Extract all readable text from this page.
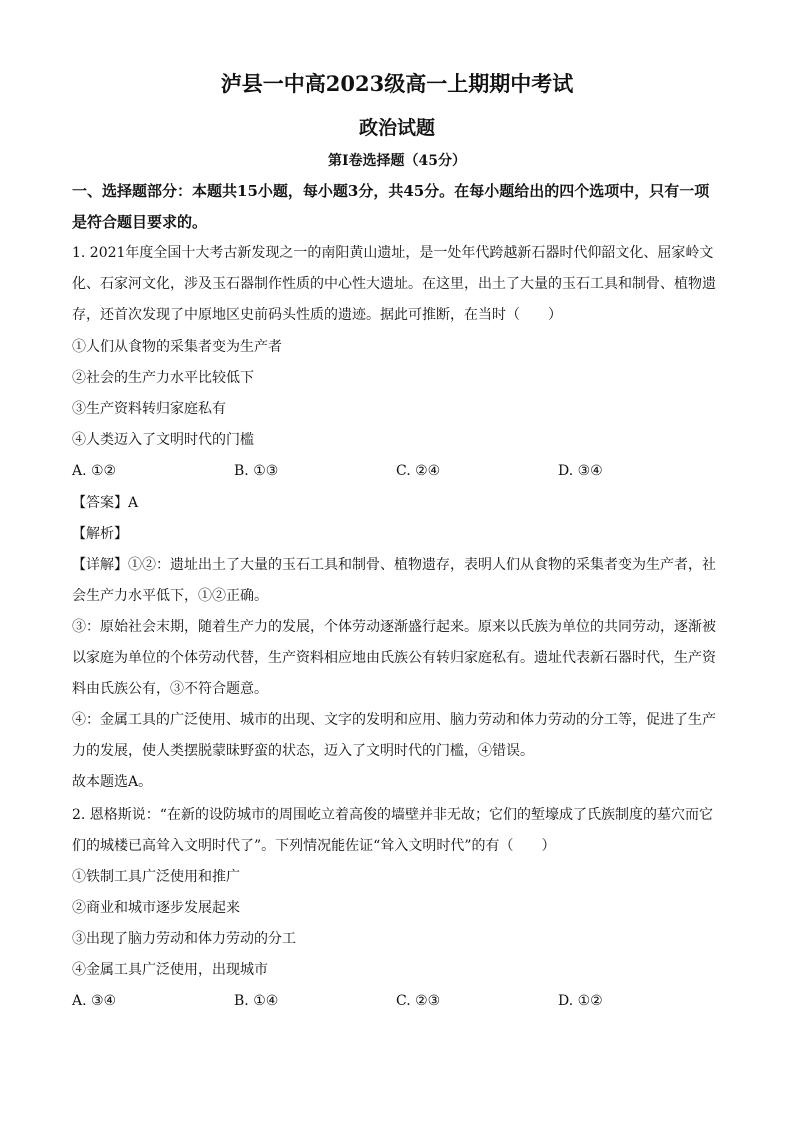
泸县一中高2023级高一上期期中考试
政治试题
第Ⅰ卷选择题（45分）
一、选择题部分：本题共15小题，每小题3分，共45分。在每小题给出的四个选项中，只有一项是符合题目要求的。
1. 2021年度全国十大考古新发现之一的南阳黄山遗址，是一处年代跨越新石器时代仰韶文化、屈家岭文化、石家河文化，涉及玉石器制作性质的中心性大遗址。在这里，出土了大量的玉石工具和制骨、植物遗存，还首次发现了中原地区史前码头性质的遗迹。据此可推断，在当时（　　）
①人们从食物的采集者变为生产者
②社会的生产力水平比较低下
③生产资料转归家庭私有
④人类迈入了文明时代的门槛
A. ①②	B. ①③	C. ②④	D. ③④
【答案】A
【解析】
【详解】①②：遗址出土了大量的玉石工具和制骨、植物遗存，表明人们从食物的采集者变为生产者，社会生产力水平低下，①②正确。
③：原始社会末期，随着生产力的发展，个体劳动逐渐盛行起来。原来以氏族为单位的共同劳动，逐渐被以家庭为单位的个体劳动代替，生产资料相应地由氏族公有转归家庭私有。遗址代表新石器时代，生产资料由氏族公有，③不符合题意。
④：金属工具的广泛使用、城市的出现、文字的发明和应用、脑力劳动和体力劳动的分工等，促进了生产力的发展，使人类摆脱蒙昧野蛮的状态，迈入了文明时代的门槛，④错误。
故本题选A。
2. 恩格斯说：“在新的设防城市的周围屹立着高俊的墙壁并非无故；它们的堑壕成了氏族制度的墓穴而它们的城楼已高耸入文明时代了”。下列情况能佐证“耸入文明时代”的有（　　）
①铁制工具广泛使用和推广
②商业和城市逐步发展起来
③出现了脑力劳动和体力劳动的分工
④金属工具广泛使用，出现城市
A. ③④	B. ①④	C. ②③	D. ①②
